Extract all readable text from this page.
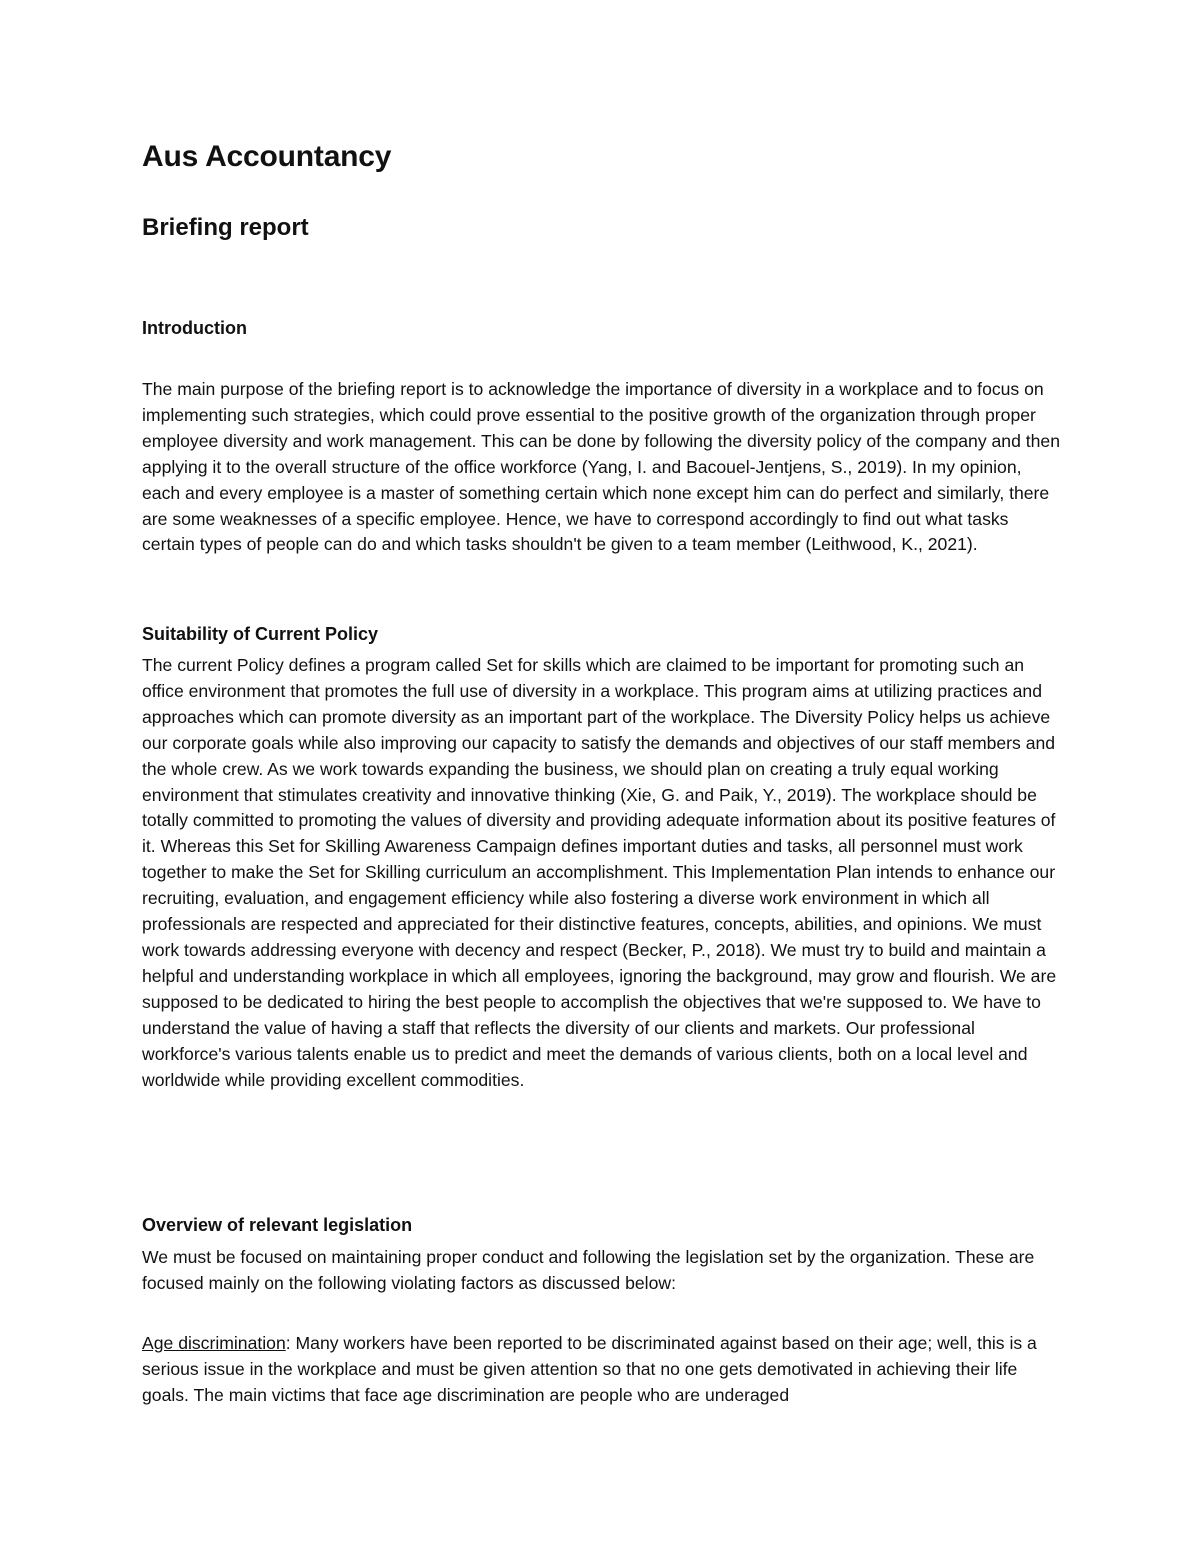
Aus Accountancy
Briefing report
Introduction

The main purpose of the briefing report is to acknowledge the importance of diversity in a workplace and to focus on implementing such strategies, which could prove essential to the positive growth of the organization through proper employee diversity and work management. This can be done by following the diversity policy of the company and then applying it to the overall structure of the office workforce (Yang, I. and Bacouel-Jentjens, S., 2019). In my opinion, each and every employee is a master of something certain which none except him can do perfect and similarly, there are some weaknesses of a specific employee. Hence, we have to correspond accordingly to find out what tasks certain types of people can do and which tasks shouldn't be given to a team member (Leithwood, K., 2021).

Suitability of Current Policy

The current Policy defines a program called Set for skills which are claimed to be important for promoting such an office environment that promotes the full use of diversity in a workplace. This program aims at utilizing practices and approaches which can promote diversity as an important part of the workplace. The Diversity Policy helps us achieve our corporate goals while also improving our capacity to satisfy the demands and objectives of our staff members and the whole crew. As we work towards expanding the business, we should plan on creating a truly equal working environment that stimulates creativity and innovative thinking (Xie, G. and Paik, Y., 2019). The workplace should be totally committed to promoting the values of diversity and providing adequate information about its positive features of it. Whereas this Set for Skilling Awareness Campaign defines important duties and tasks, all personnel must work together to make the Set for Skilling curriculum an accomplishment. This Implementation Plan intends to enhance our recruiting, evaluation, and engagement efficiency while also fostering a diverse work environment in which all professionals are respected and appreciated for their distinctive features, concepts, abilities, and opinions. We must work towards addressing everyone with decency and respect (Becker, P., 2018). We must try to build and maintain a helpful and understanding workplace in which all employees, ignoring the background, may grow and flourish. We are supposed to be dedicated to hiring the best people to accomplish the objectives that we're supposed to. We have to understand the value of having a staff that reflects the diversity of our clients and markets. Our professional workforce's various talents enable us to predict and meet the demands of various clients, both on a local level and worldwide while providing excellent commodities.

Overview of relevant legislation

We must be focused on maintaining proper conduct and following the legislation set by the organization. These are focused mainly on the following violating factors as discussed below:

Age discrimination: Many workers have been reported to be discriminated against based on their age; well, this is a serious issue in the workplace and must be given attention so that no one gets demotivated in achieving their life goals. The main victims that face age discrimination are people who are underaged
